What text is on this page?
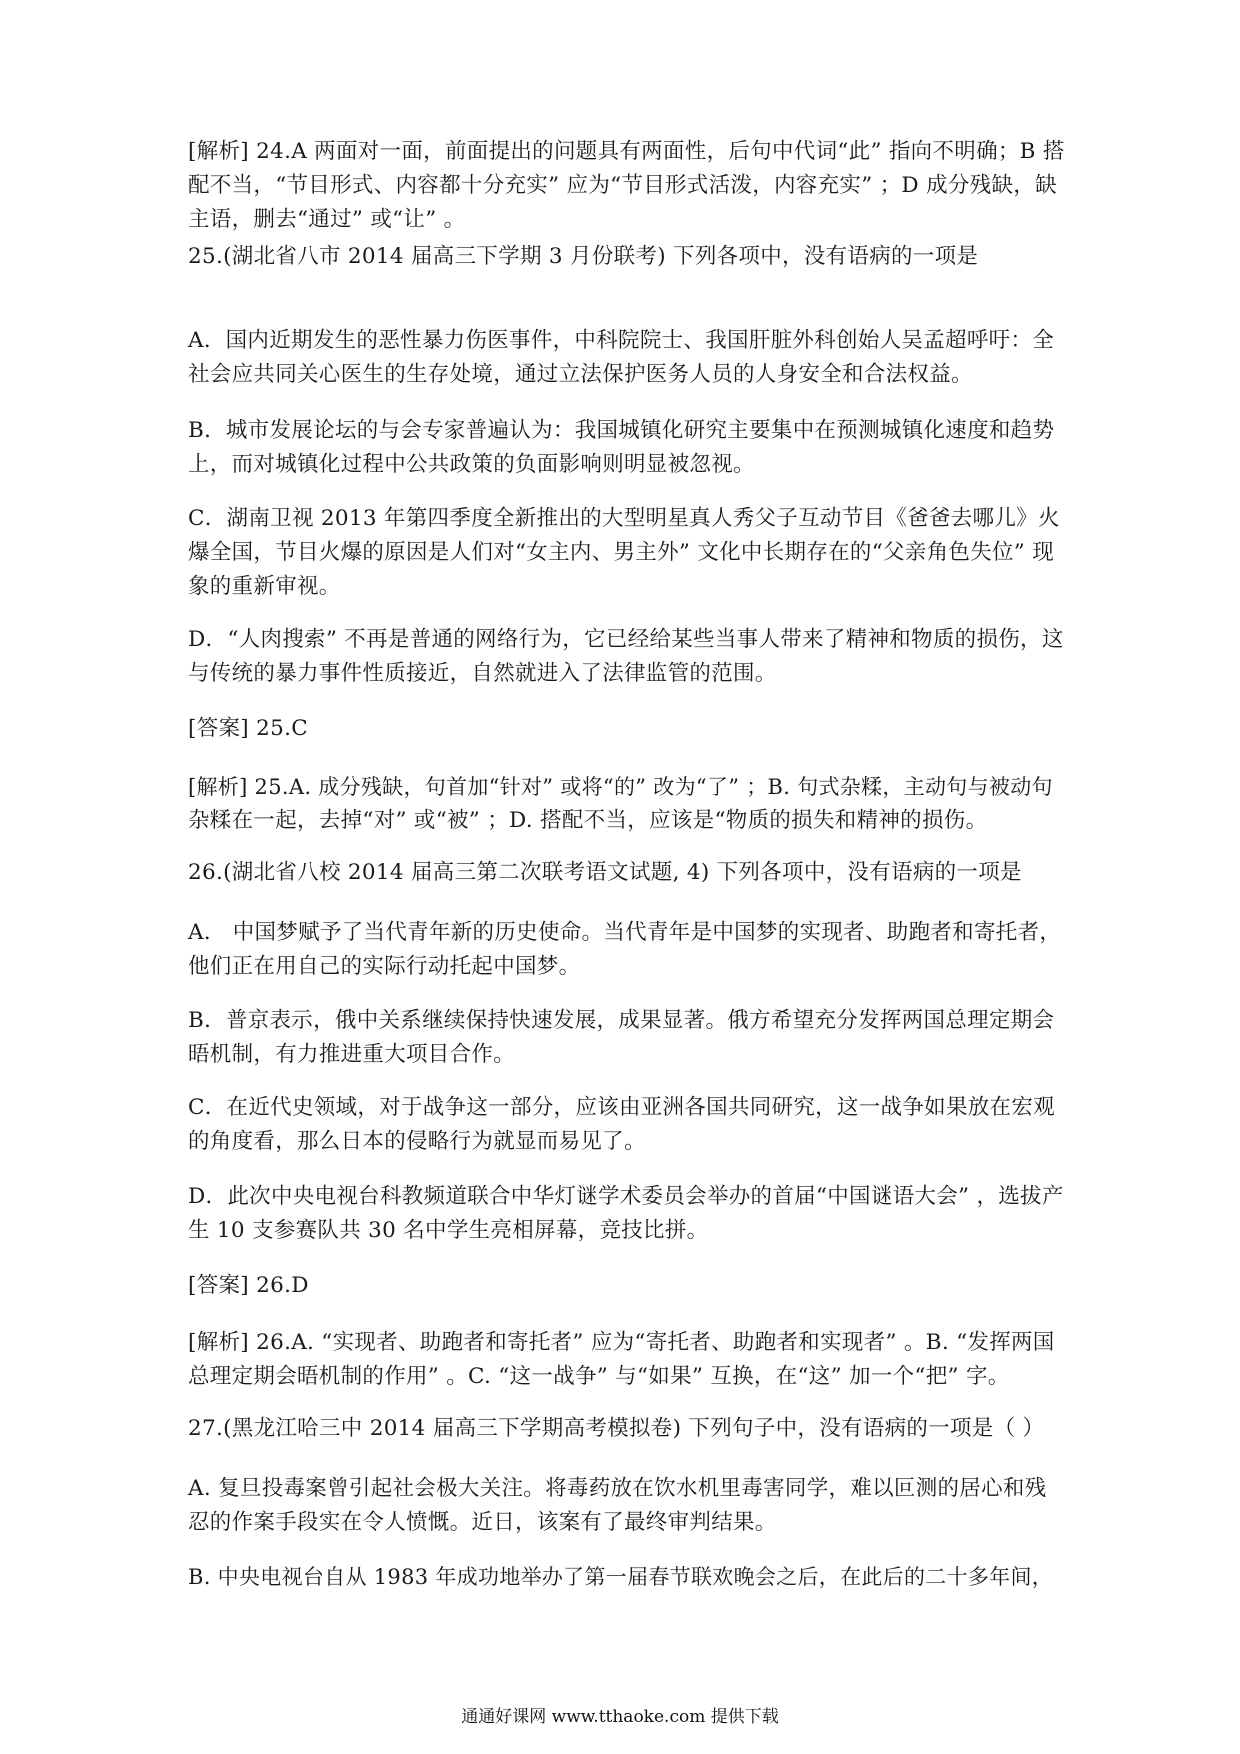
[解析] 24.A 两面对一面，前面提出的问题具有两面性，后句中代词“此” 指向不明确；B 搭
配不当，“节目形式、内容都十分充实” 应为“节目形式活泼，内容充实” ；D 成分残缺，缺
主语，删去“通过” 或“让” 。

25.(湖北省八市 2014 届高三下学期 3 月份联考) 下列各项中，没有语病的一项是

A．国内近期发生的恶性暴力伤医事件，中科院院士、我国肝脏外科创始人吴孟超呼吁：全
社会应共同关心医生的生存处境，通过立法保护医务人员的人身安全和合法权益。

B．城市发展论坛的与会专家普遍认为：我国城镇化研究主要集中在预测城镇化速度和趋势
上，而对城镇化过程中公共政策的负面影响则明显被忽视。

C．湖南卫视 2013 年第四季度全新推出的大型明星真人秀父子互动节目《爸爸去哪儿》火
爆全国，节目火爆的原因是人们对“女主内、男主外” 文化中长期存在的“父亲角色失位” 现
象的重新审视。

D．“人肉搜索” 不再是普通的网络行为，它已经给某些当事人带来了精神和物质的损伤，这
与传统的暴力事件性质接近，自然就进入了法律监管的范围。

[答案] 25.C

[解析] 25.A. 成分残缺，句首加“针对” 或将“的” 改为“了” ；B. 句式杂糅，主动句与被动句
杂糅在一起，去掉“对” 或“被” ；D. 搭配不当，应该是“物质的损失和精神的损伤。

26.(湖北省八校 2014 届高三第二次联考语文试题, 4) 下列各项中，没有语病的一项是

A． 中国梦赋予了当代青年新的历史使命。当代青年是中国梦的实现者、助跑者和寄托者，
他们正在用自己的实际行动托起中国梦。

B．普京表示，俄中关系继续保持快速发展，成果显著。俄方希望充分发挥两国总理定期会
晤机制，有力推进重大项目合作。

C．在近代史领域，对于战争这一部分，应该由亚洲各国共同研究，这一战争如果放在宏观
的角度看，那么日本的侵略行为就显而易见了。

D．此次中央电视台科教频道联合中华灯谜学术委员会举办的首届“中国谜语大会” ，选拔产
生 10 支参赛队共 30 名中学生亮相屏幕，竞技比拼。

[答案] 26.D

[解析] 26.A. “实现者、助跑者和寄托者” 应为“寄托者、助跑者和实现者” 。B. “发挥两国
总理定期会晤机制的作用” 。C. “这一战争” 与“如果” 互换，在“这” 加一个“把” 字。

27.(黑龙江哈三中 2014 届高三下学期高考模拟卷) 下列句子中，没有语病的一项是（ ）

A. 复旦投毒案曾引起社会极大关注。将毒药放在饮水机里毒害同学，难以叵测的居心和残
忍的作案手段实在令人愤慨。近日，该案有了最终审判结果。

B. 中央电视台自从 1983 年成功地举办了第一届春节联欢晚会之后，在此后的二十多年间，

通通好课网 www.tthaoke.com 提供下载
